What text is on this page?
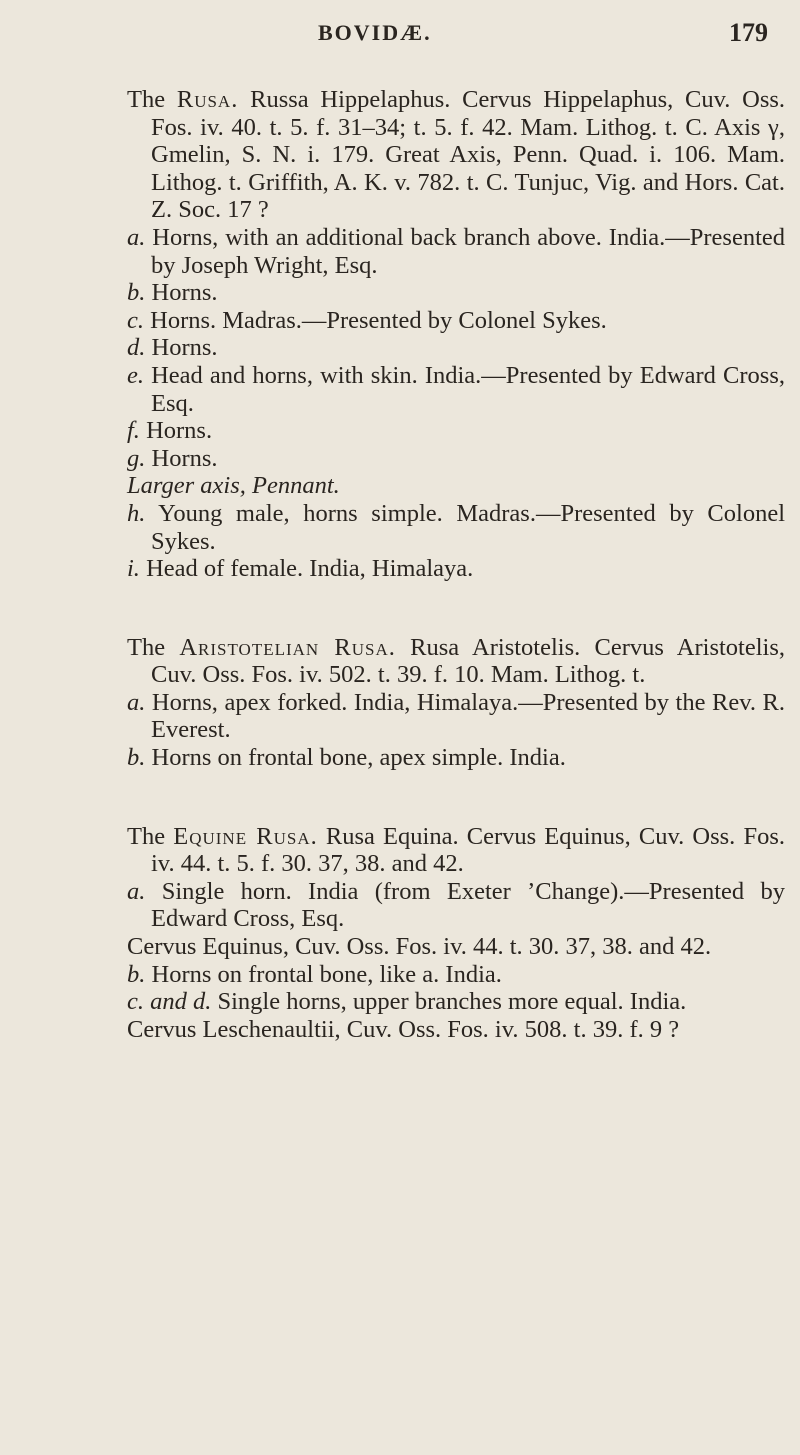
BOVIDÆ.	179
The Rusa. Russa Hippelaphus. Cervus Hippelaphus, Cuv. Oss. Fos. iv. 40. t. 5. f. 31–34; t. 5. f. 42. Mam. Lithog. t. C. Axis γ, Gmelin, S. N. i. 179. Great Axis, Penn. Quad. i. 106. Mam. Lithog. t. Griffith, A. K. v. 782. t. C. Tunjuc, Vig. and Hors. Cat. Z. Soc. 17 ?
a. Horns, with an additional back branch above. India.—Presented by Joseph Wright, Esq.
b. Horns.
c. Horns. Madras.—Presented by Colonel Sykes.
d. Horns.
e. Head and horns, with skin. India.—Presented by Edward Cross, Esq.
f. Horns.
g. Horns.
Larger axis, Pennant.
h. Young male, horns simple. Madras.—Presented by Colonel Sykes.
i. Head of female. India, Himalaya.
The Aristotelian Rusa. Rusa Aristotelis. Cervus Aristotelis, Cuv. Oss. Fos. iv. 502. t. 39. f. 10. Mam. Lithog. t.
a. Horns, apex forked. India, Himalaya.—Presented by the Rev. R. Everest.
b. Horns on frontal bone, apex simple. India.
The Equine Rusa. Rusa Equina. Cervus Equinus, Cuv. Oss. Fos. iv. 44. t. 5. f. 30. 37, 38. and 42.
a. Single horn. India (from Exeter ’Change).—Presented by Edward Cross, Esq.
Cervus Equinus, Cuv. Oss. Fos. iv. 44. t. 30. 37, 38. and 42.
b. Horns on frontal bone, like a. India.
c. and d. Single horns, upper branches more equal. India.
Cervus Leschenaultii, Cuv. Oss. Fos. iv. 508. t. 39. f. 9 ?
